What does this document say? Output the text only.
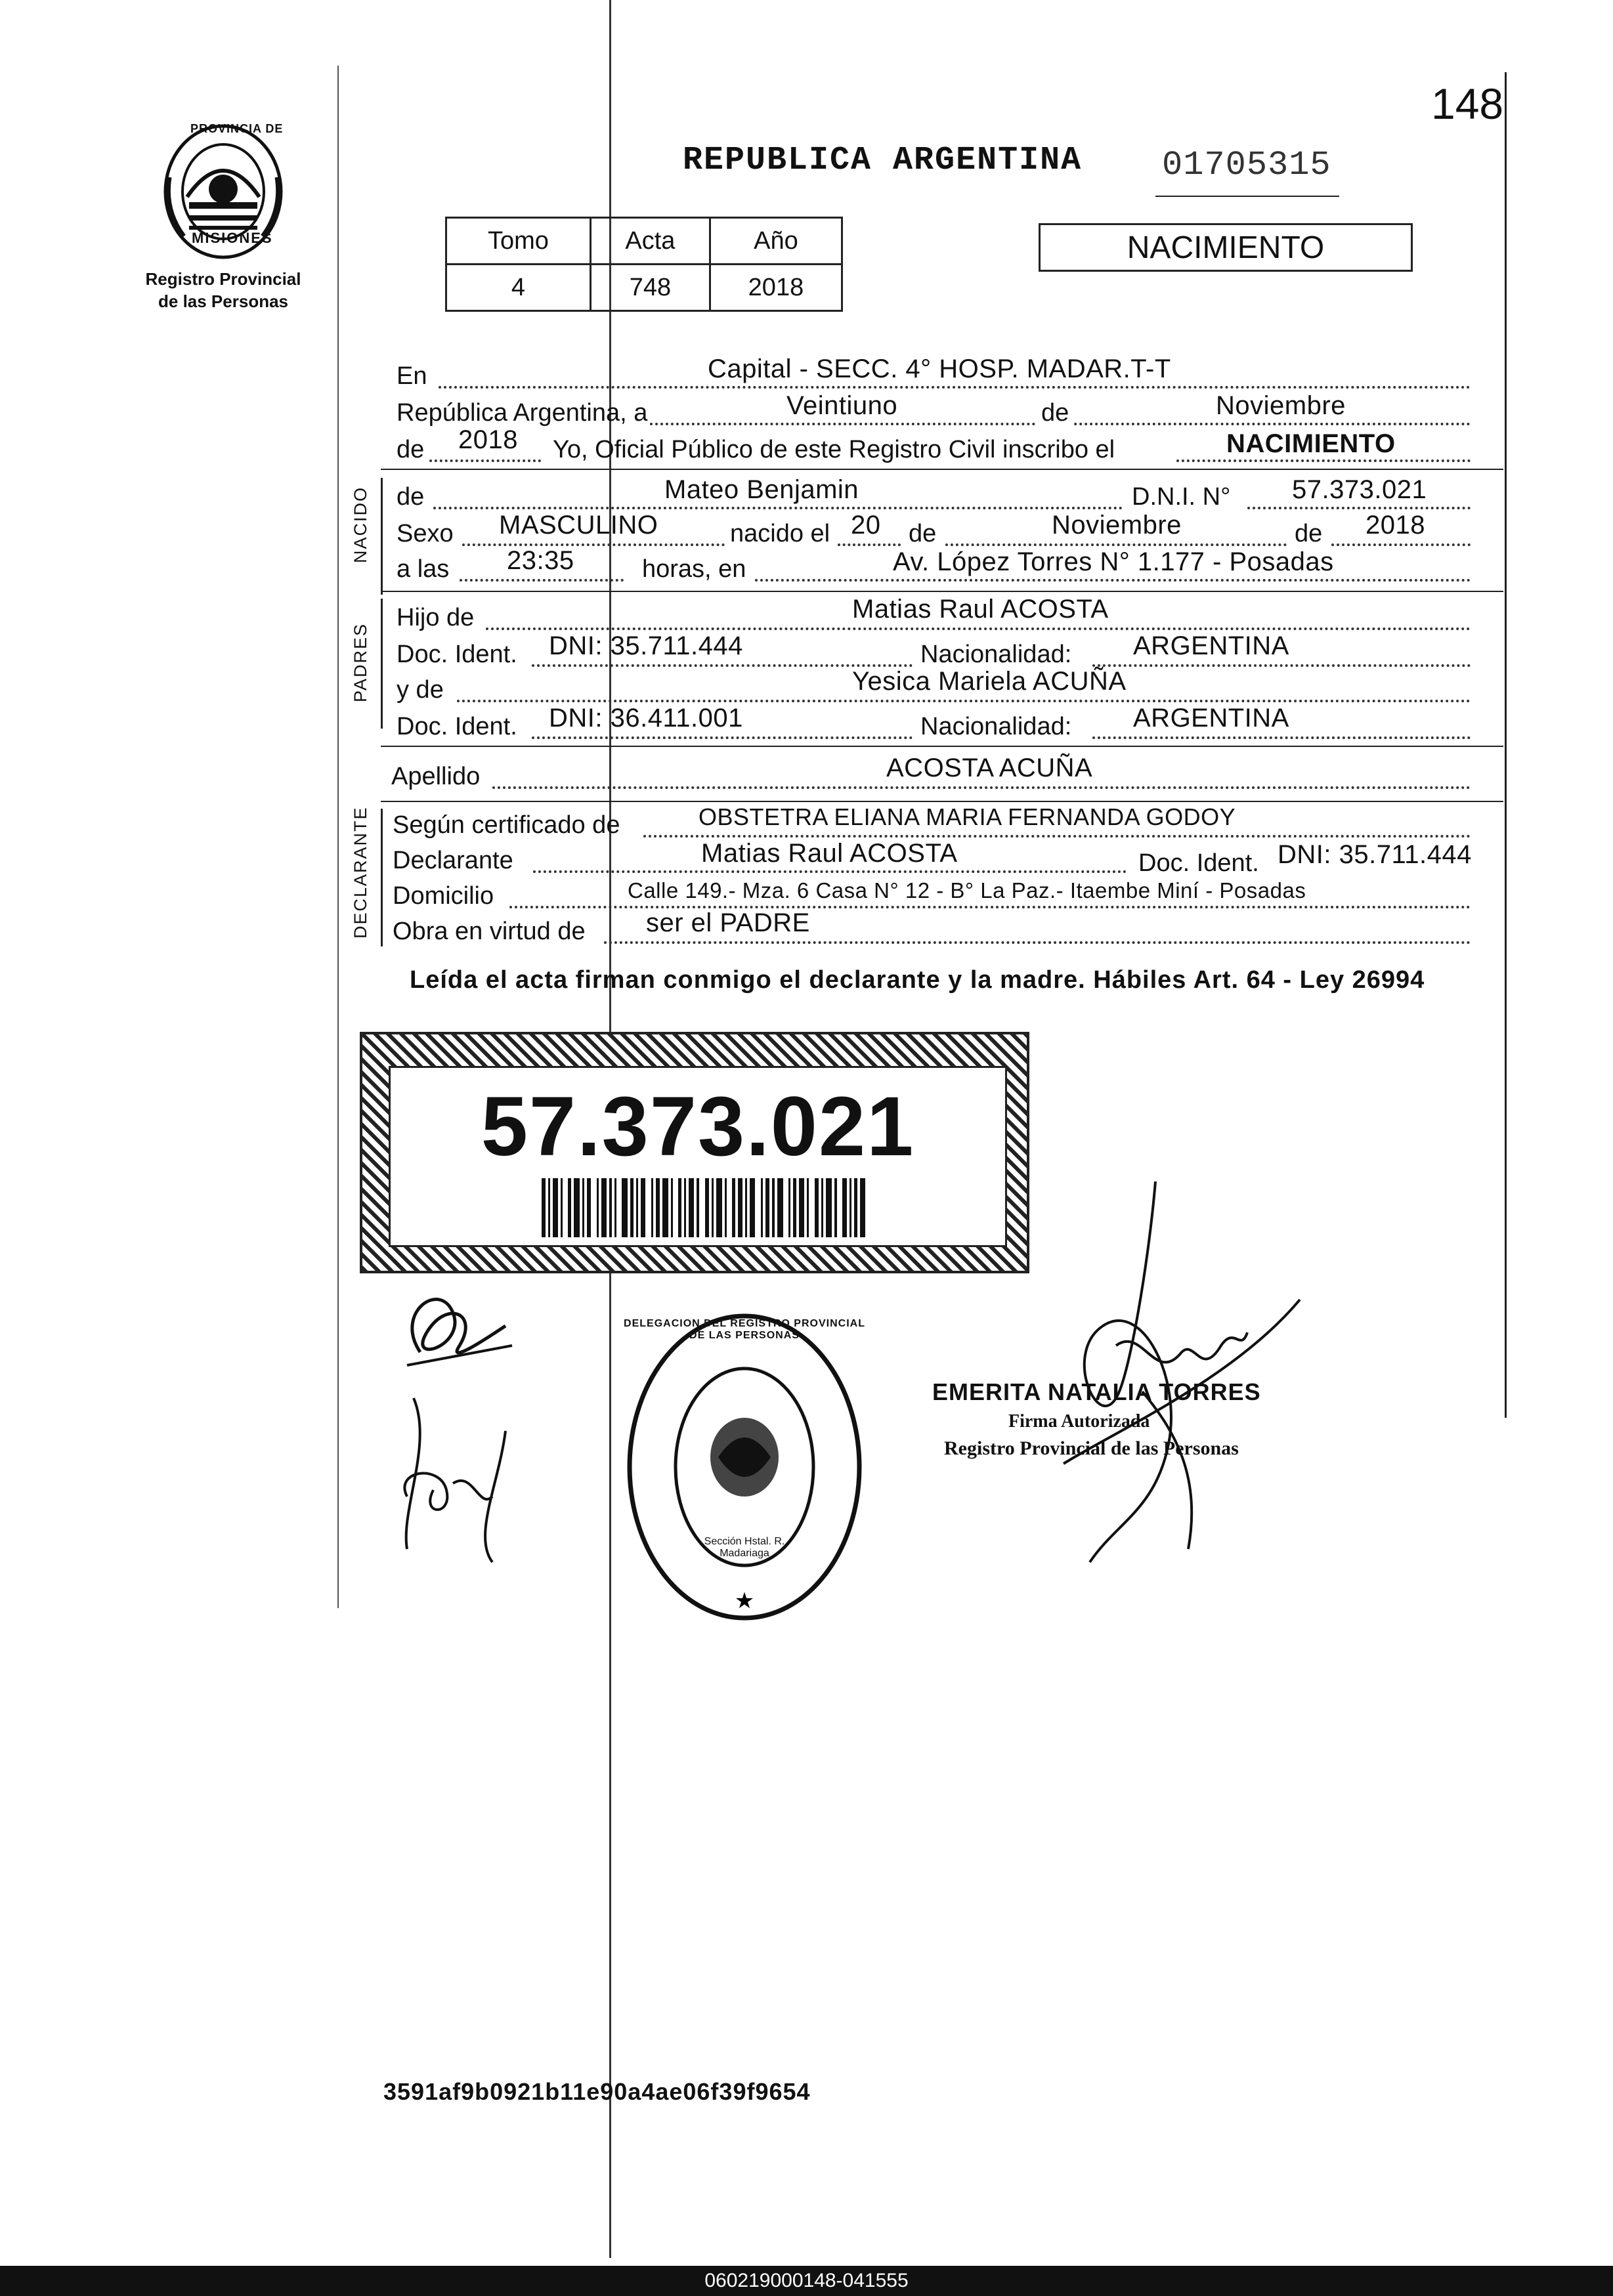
148
PROVINCIA DE
MISIONES
Registro Provincial
de las Personas
REPUBLICA ARGENTINA 01705315
Tomo	Acta	Año
4	748	2018
NACIMIENTO
En	Capital - SECC. 4° HOSP. MADAR.T-T
República Argentina, a	Veintiuno	de	Noviembre
de 2018 Yo, Oficial Público de este Registro Civil inscribo el	NACIMIENTO
NACIDO de	Mateo Benjamin	D.N.I. N° 57.373.021
Sexo MASCULINO	nacido el 20 de	Noviembre	de 2018
a las 23:35	horas, en	Av. López Torres N° 1.177 - Posadas
PADRES
Hijo de	Matias Raul ACOSTA
Doc. Ident. DNI: 35.711.444	Nacionalidad: ARGENTINA
y de	Yesica Mariela ACUÑA
Doc. Ident. DNI: 36.411.001	Nacionalidad: ARGENTINA
Apellido	ACOSTA ACUÑA
DECLARANTE Según certificado de	OBSTETRA ELIANA MARIA FERNANDA GODOY
Declarante	Matias Raul ACOSTA	Doc. Ident. DNI: 35.711.444
Domicilio	Calle 149.- Mza. 6 Casa N° 12 - B° La Paz.- Itaembe Miní - Posadas
Obra en virtud de ser el PADRE
Leída el acta firman conmigo el declarante y la madre. Hábiles Art. 64 - Ley 26994
57.373.021

★
DELEGACION DEL REGISTRO PROVINCIAL DE LAS PERSONAS
Sección Hstal. R. Madariaga
EMERITA NATALIA TORRES
Firma Autorizada
Registro Provincial de las Personas
3591af9b0921b11e90a4ae06f39f9654
060219000148-041555
